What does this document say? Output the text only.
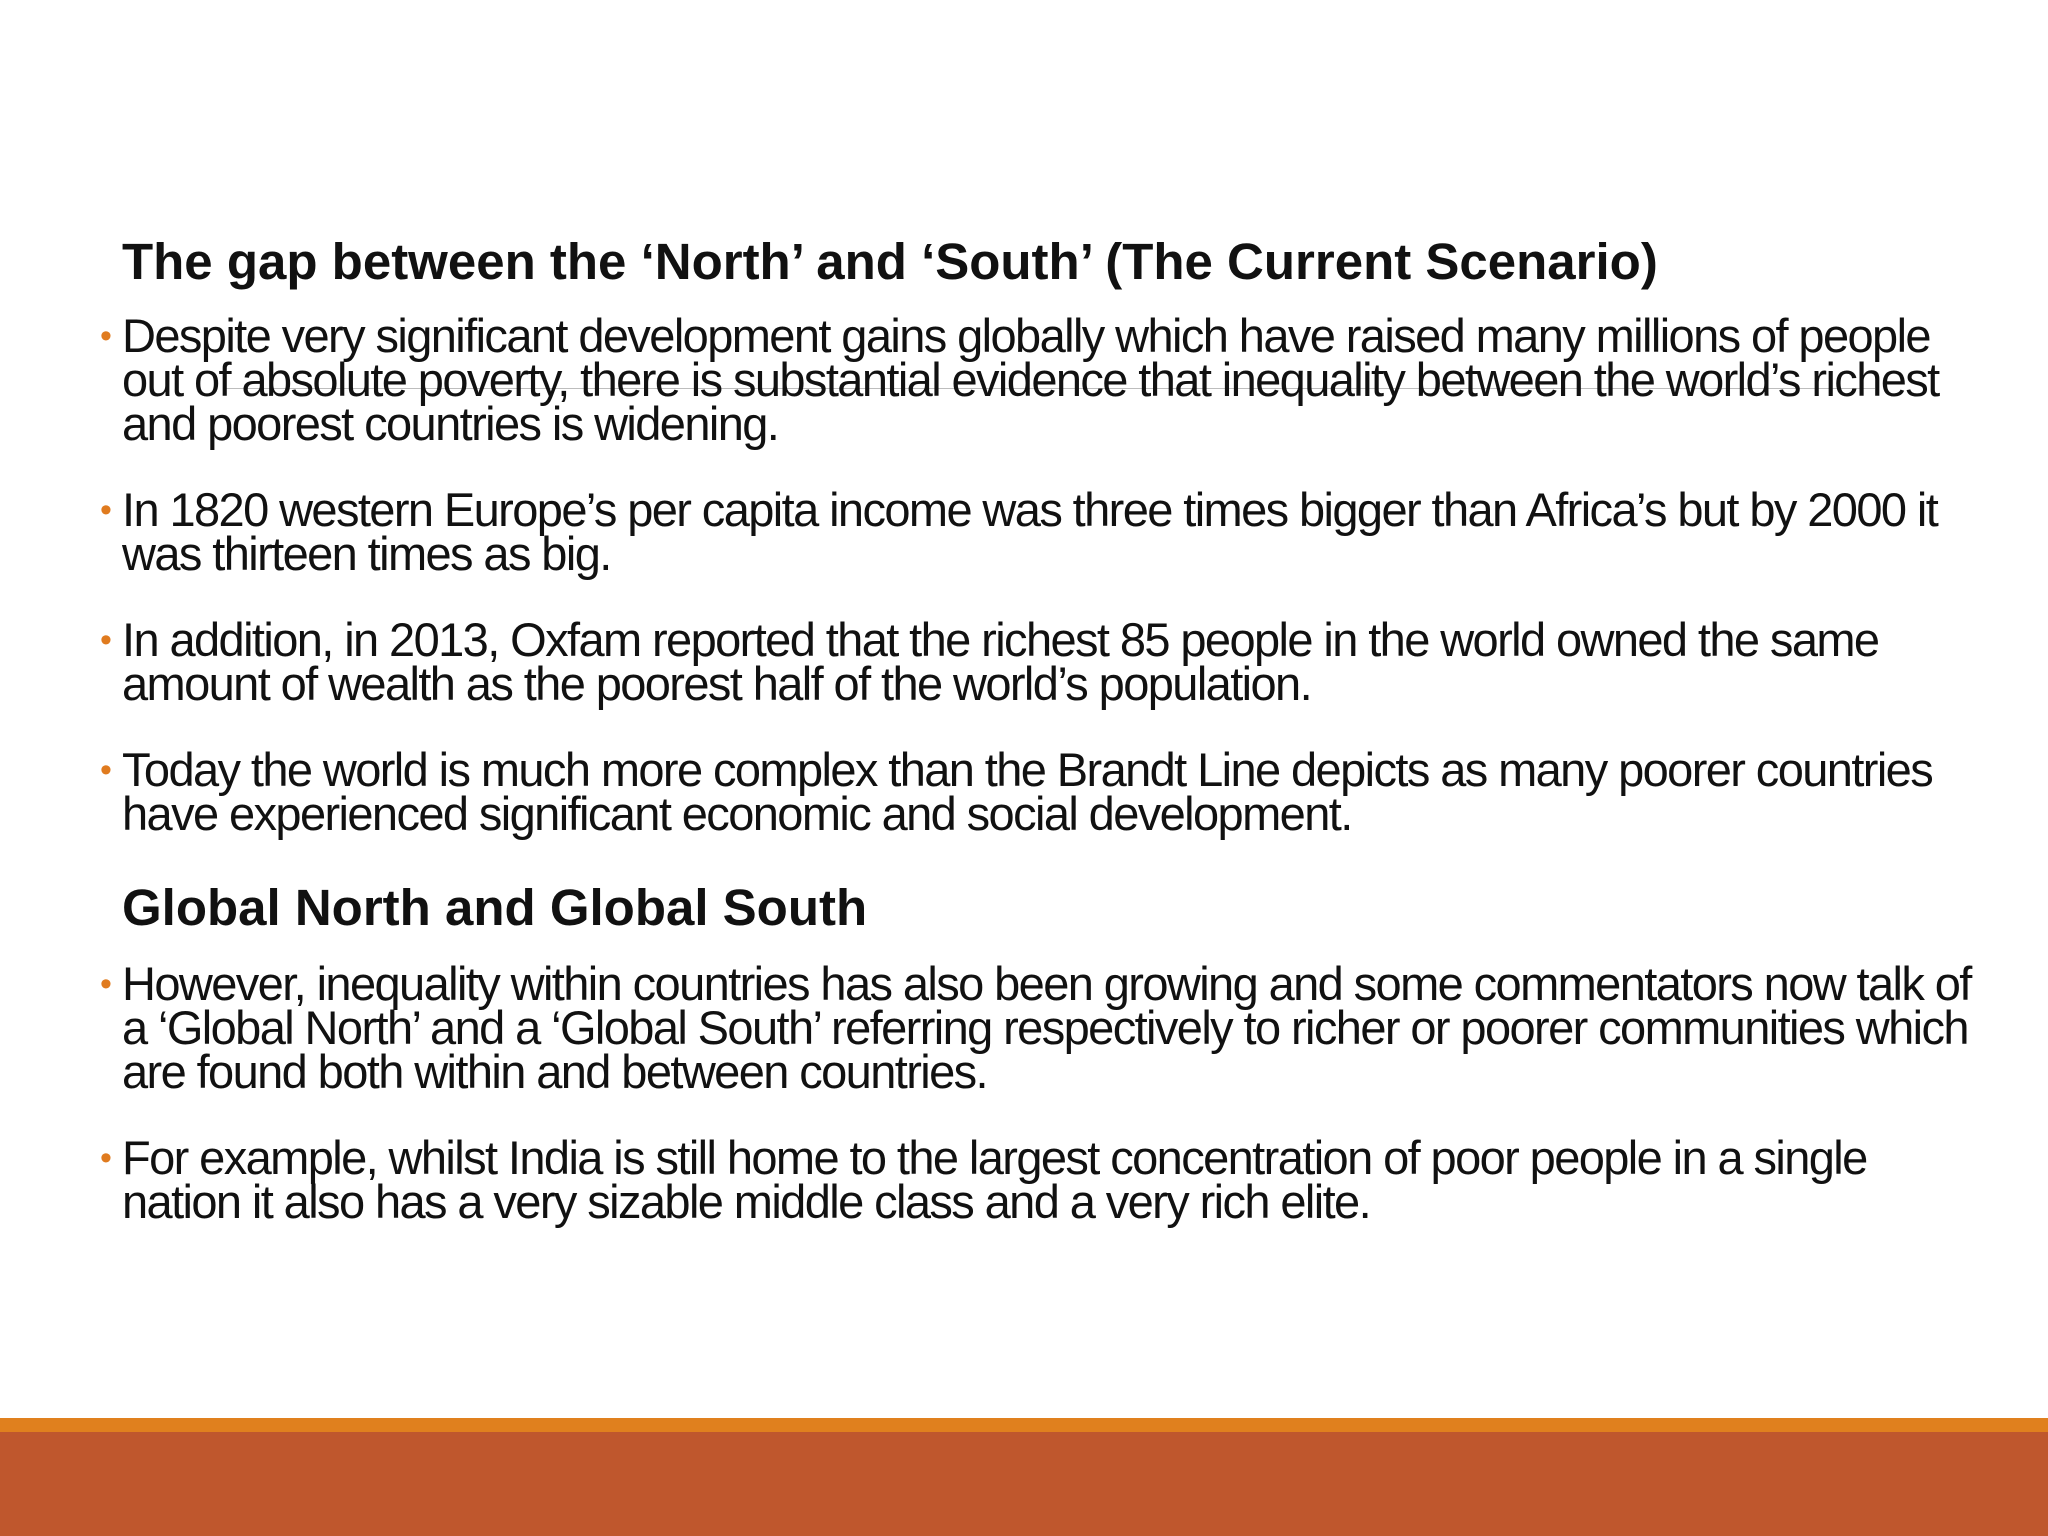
The gap between the ‘North’ and ‘South’ (The Current Scenario)
• Despite very significant development gains globally which have raised many millions of people out of absolute poverty, there is substantial evidence that inequality between the world’s richest and poorest countries is widening.
• In 1820 western Europe’s per capita income was three times bigger than Africa’s but by 2000 it was thirteen times as big.
• In addition, in 2013, Oxfam reported that the richest 85 people in the world owned the same amount of wealth as the poorest half of the world’s population.
• Today the world is much more complex than the Brandt Line depicts as many poorer countries have experienced significant economic and social development.
Global North and Global South
• However, inequality within countries has also been growing and some commentators now talk of a ‘Global North’ and a ‘Global South’ referring respectively to richer or poorer communities which are found both within and between countries.
• For example, whilst India is still home to the largest concentration of poor people in a single nation it also has a very sizable middle class and a very rich elite.
